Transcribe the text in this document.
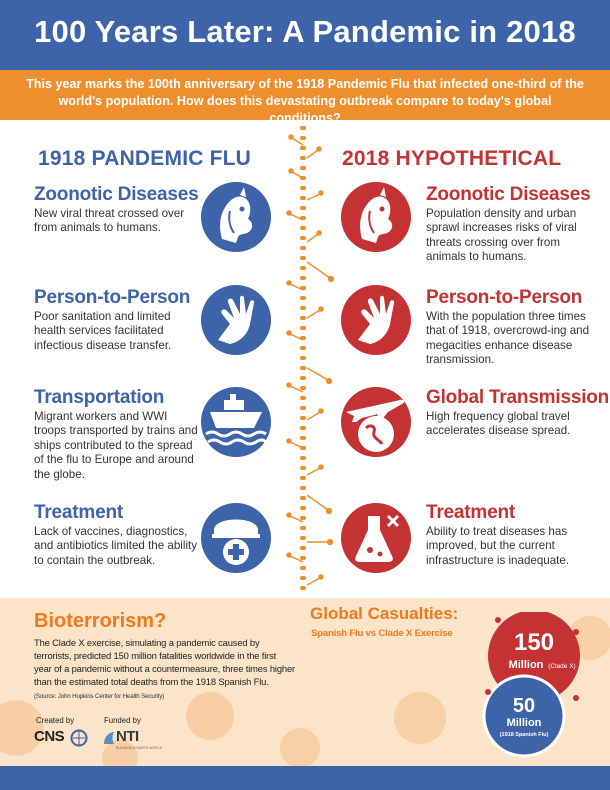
100 Years Later: A Pandemic in 2018
This year marks the 100th anniversary of the 1918 Pandemic Flu that infected one-third of the world's population. How does this devastating outbreak compare to today's global conditions?
1918 PANDEMIC FLU	2018 HYPOTHETICAL
Zoonotic Diseases
New viral threat crossed over from animals to humans.
Person-to-Person
Poor sanitation and limited health services facilitated infectious disease transfer.
Transportation
Migrant workers and WWI troops transported by trains and ships contributed to the spread of the flu to Europe and around the globe.
Treatment
Lack of vaccines, diagnostics, and antibiotics limited the ability to contain the outbreak.
Zoonotic Diseases
Population density and urban sprawl increases risks of viral threats crossing over from animals to humans.
Person-to-Person
With the population three times that of 1918, overcrowd-ing and megacities enhance disease transmission.
Global Transmission
High frequency global travel accelerates disease spread.
Treatment
Ability to treat diseases has improved, but the current infrastructure is inadequate.
Bioterrorism?
The Clade X exercise, simulating a pandemic caused by terrorists, predicted 150 million fatalities worldwide in the first year of a pandemic without a countermeasure, three times higher than the estimated total deaths from the 1918 Spanish Flu.
(Source: John Hopkins Center for Health Security)
Global Casualties:
Spanish Flu vs Clade X Exercise	150
Million (Clade X)
50
Million
(1918 Spanish Flu)
Created by
CNS
Funded by
NTI
BUILDING A SAFER WORLD
